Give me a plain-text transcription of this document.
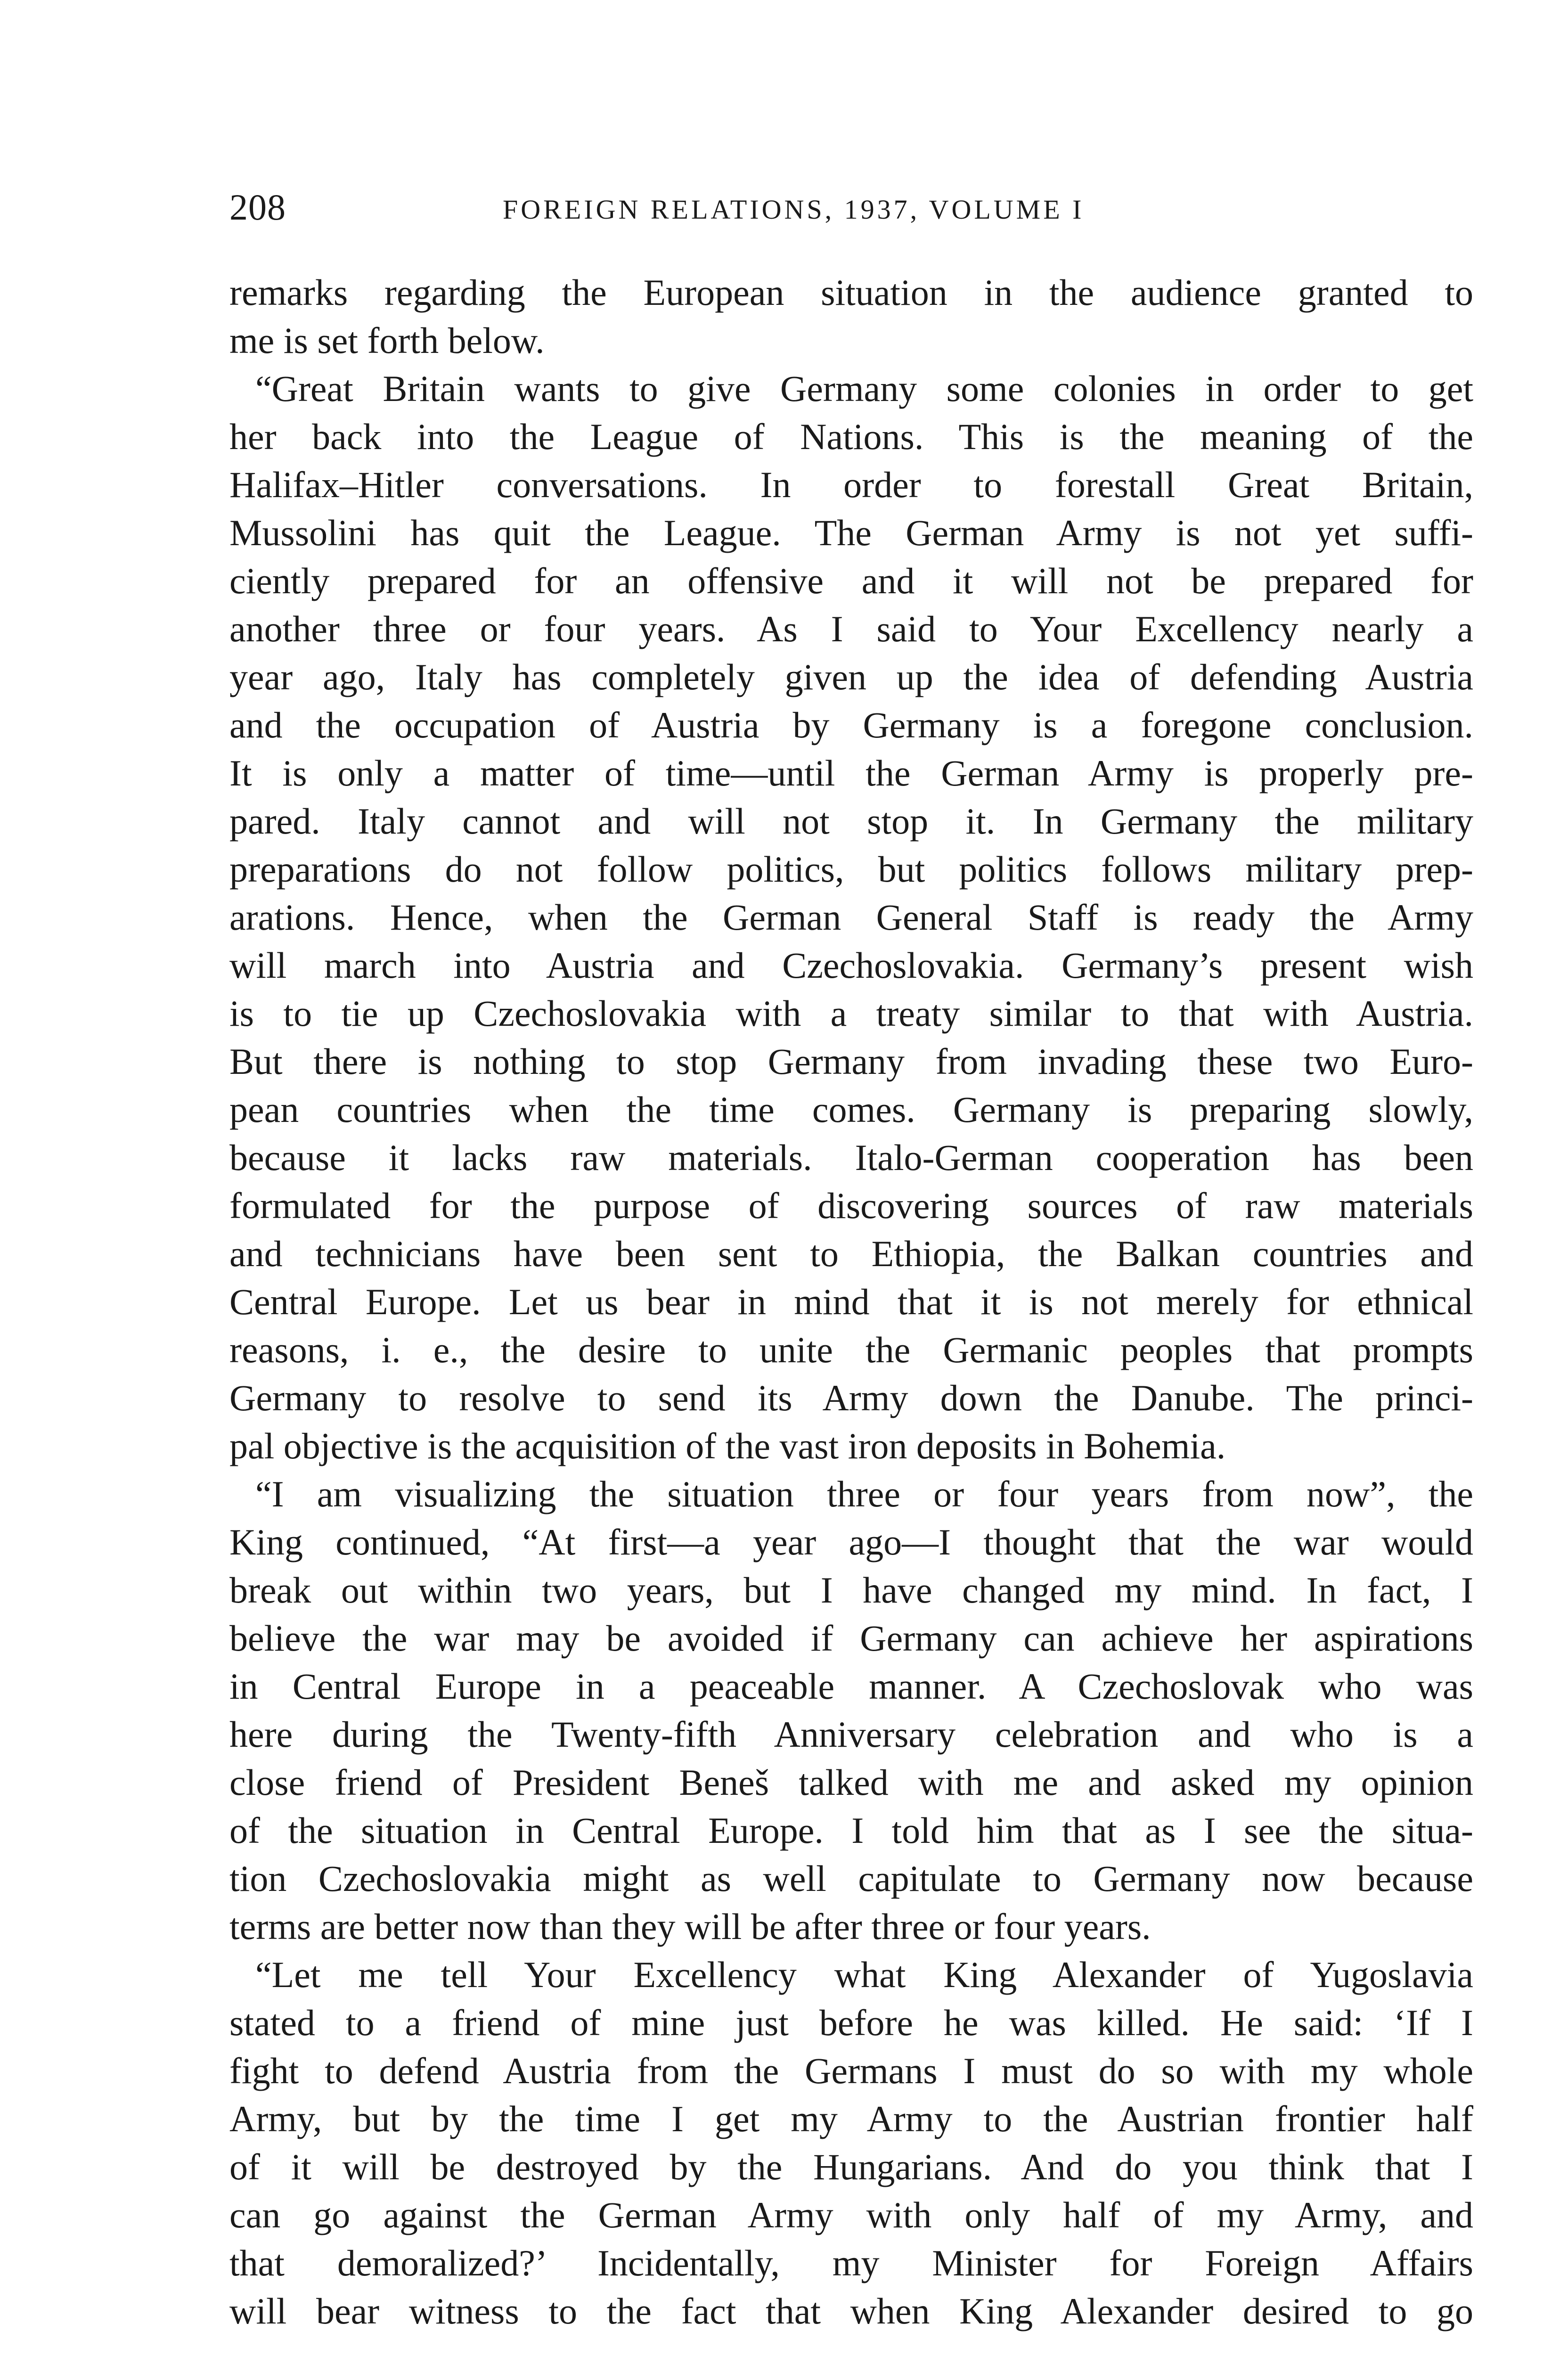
208	FOREIGN RELATIONS, 1937, VOLUME I
remarks regarding the European situation in the audience granted to
me is set forth below.
“Great Britain wants to give Germany some colonies in order to get
her back into the League of Nations. This is the meaning of the
Halifax–Hitler conversations. In order to forestall Great Britain,
Mussolini has quit the League. The German Army is not yet suffi-
ciently prepared for an offensive and it will not be prepared for
another three or four years. As I said to Your Excellency nearly a
year ago, Italy has completely given up the idea of defending Austria
and the occupation of Austria by Germany is a foregone conclusion.
It is only a matter of time—until the German Army is properly pre-
pared. Italy cannot and will not stop it. In Germany the military
preparations do not follow politics, but politics follows military prep-
arations. Hence, when the German General Staff is ready the Army
will march into Austria and Czechoslovakia. Germany’s present wish
is to tie up Czechoslovakia with a treaty similar to that with Austria.
But there is nothing to stop Germany from invading these two Euro-
pean countries when the time comes. Germany is preparing slowly,
because it lacks raw materials. Italo-German cooperation has been
formulated for the purpose of discovering sources of raw materials
and technicians have been sent to Ethiopia, the Balkan countries and
Central Europe. Let us bear in mind that it is not merely for ethnical
reasons, i. e., the desire to unite the Germanic peoples that prompts
Germany to resolve to send its Army down the Danube. The princi-
pal objective is the acquisition of the vast iron deposits in Bohemia.
“I am visualizing the situation three or four years from now”, the
King continued, “At first—a year ago—I thought that the war would
break out within two years, but I have changed my mind. In fact, I
believe the war may be avoided if Germany can achieve her aspirations
in Central Europe in a peaceable manner. A Czechoslovak who was
here during the Twenty-fifth Anniversary celebration and who is a
close friend of President Beneš talked with me and asked my opinion
of the situation in Central Europe. I told him that as I see the situa-
tion Czechoslovakia might as well capitulate to Germany now because
terms are better now than they will be after three or four years.
“Let me tell Your Excellency what King Alexander of Yugoslavia
stated to a friend of mine just before he was killed. He said: ‘If I
fight to defend Austria from the Germans I must do so with my whole
Army, but by the time I get my Army to the Austrian frontier half
of it will be destroyed by the Hungarians. And do you think that I
can go against the German Army with only half of my Army, and
that demoralized?’ Incidentally, my Minister for Foreign Affairs
will bear witness to the fact that when King Alexander desired to go
